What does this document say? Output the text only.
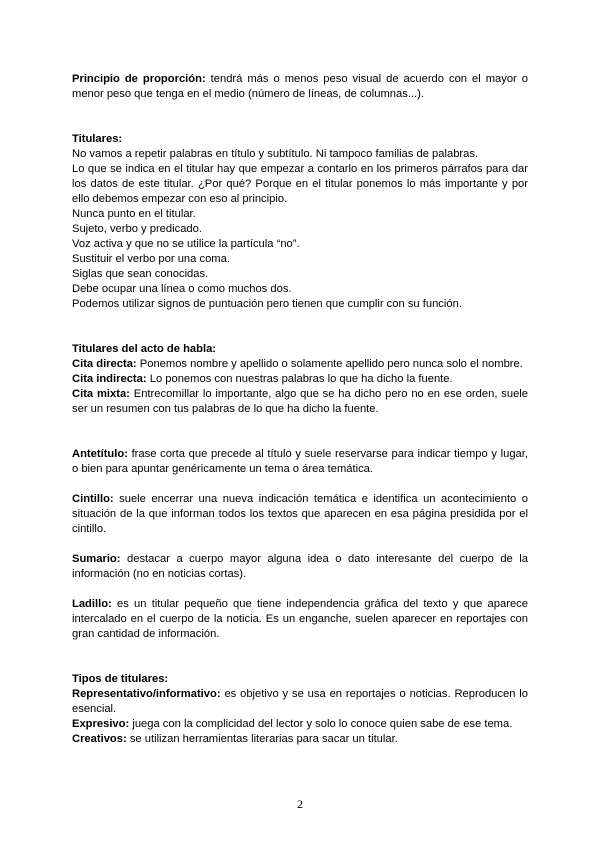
Principio de proporción: tendrá más o menos peso visual de acuerdo con el mayor o menor peso que tenga en el medio (número de líneas, de columnas...).

Titulares:

No vamos a repetir palabras en título y subtítulo. Ni tampoco familias de palabras.

Lo que se indica en el titular hay que empezar a contarlo en los primeros párrafos para dar los datos de este titular. ¿Por qué? Porque en el titular ponemos lo más importante y por ello debemos empezar con eso al principio.

Nunca punto en el titular.

Sujeto, verbo y predicado.

Voz activa y que no se utilice la partícula “no”.

Sustituir el verbo por una coma.

Siglas que sean conocidas.

Debe ocupar una línea o como muchos dos.

Podemos utilizar signos de puntuación pero tienen que cumplir con su función.

Titulares del acto de habla:

Cita directa: Ponemos nombre y apellido o solamente apellido pero nunca solo el nombre.

Cita indirecta: Lo ponemos con nuestras palabras lo que ha dicho la fuente.

Cita mixta: Entrecomillar lo importante, algo que se ha dicho pero no en ese orden, suele ser un resumen con tus palabras de lo que ha dicho la fuente.

Antetítulo: frase corta que precede al título y suele reservarse para indicar tiempo y lugar, o bien para apuntar genéricamente un tema o área temática.

Cintillo: suele encerrar una nueva indicación temática e identifica un acontecimiento o situación de la que informan todos los textos que aparecen en esa página presidida por el cintillo.

Sumario: destacar a cuerpo mayor alguna idea o dato interesante del cuerpo de la información (no en noticias cortas).

Ladillo: es un titular pequeño que tiene independencia gráfica del texto y que aparece intercalado en el cuerpo de la noticia. Es un enganche, suelen aparecer en reportajes con gran cantidad de información.

Tipos de titulares:

Representativo/informativo: es objetivo y se usa en reportajes o noticias. Reproducen lo esencial.

Expresivo: juega con la complicidad del lector y solo lo conoce quien sabe de ese tema.

Creativos: se utilizan herramientas literarias para sacar un titular.

2
